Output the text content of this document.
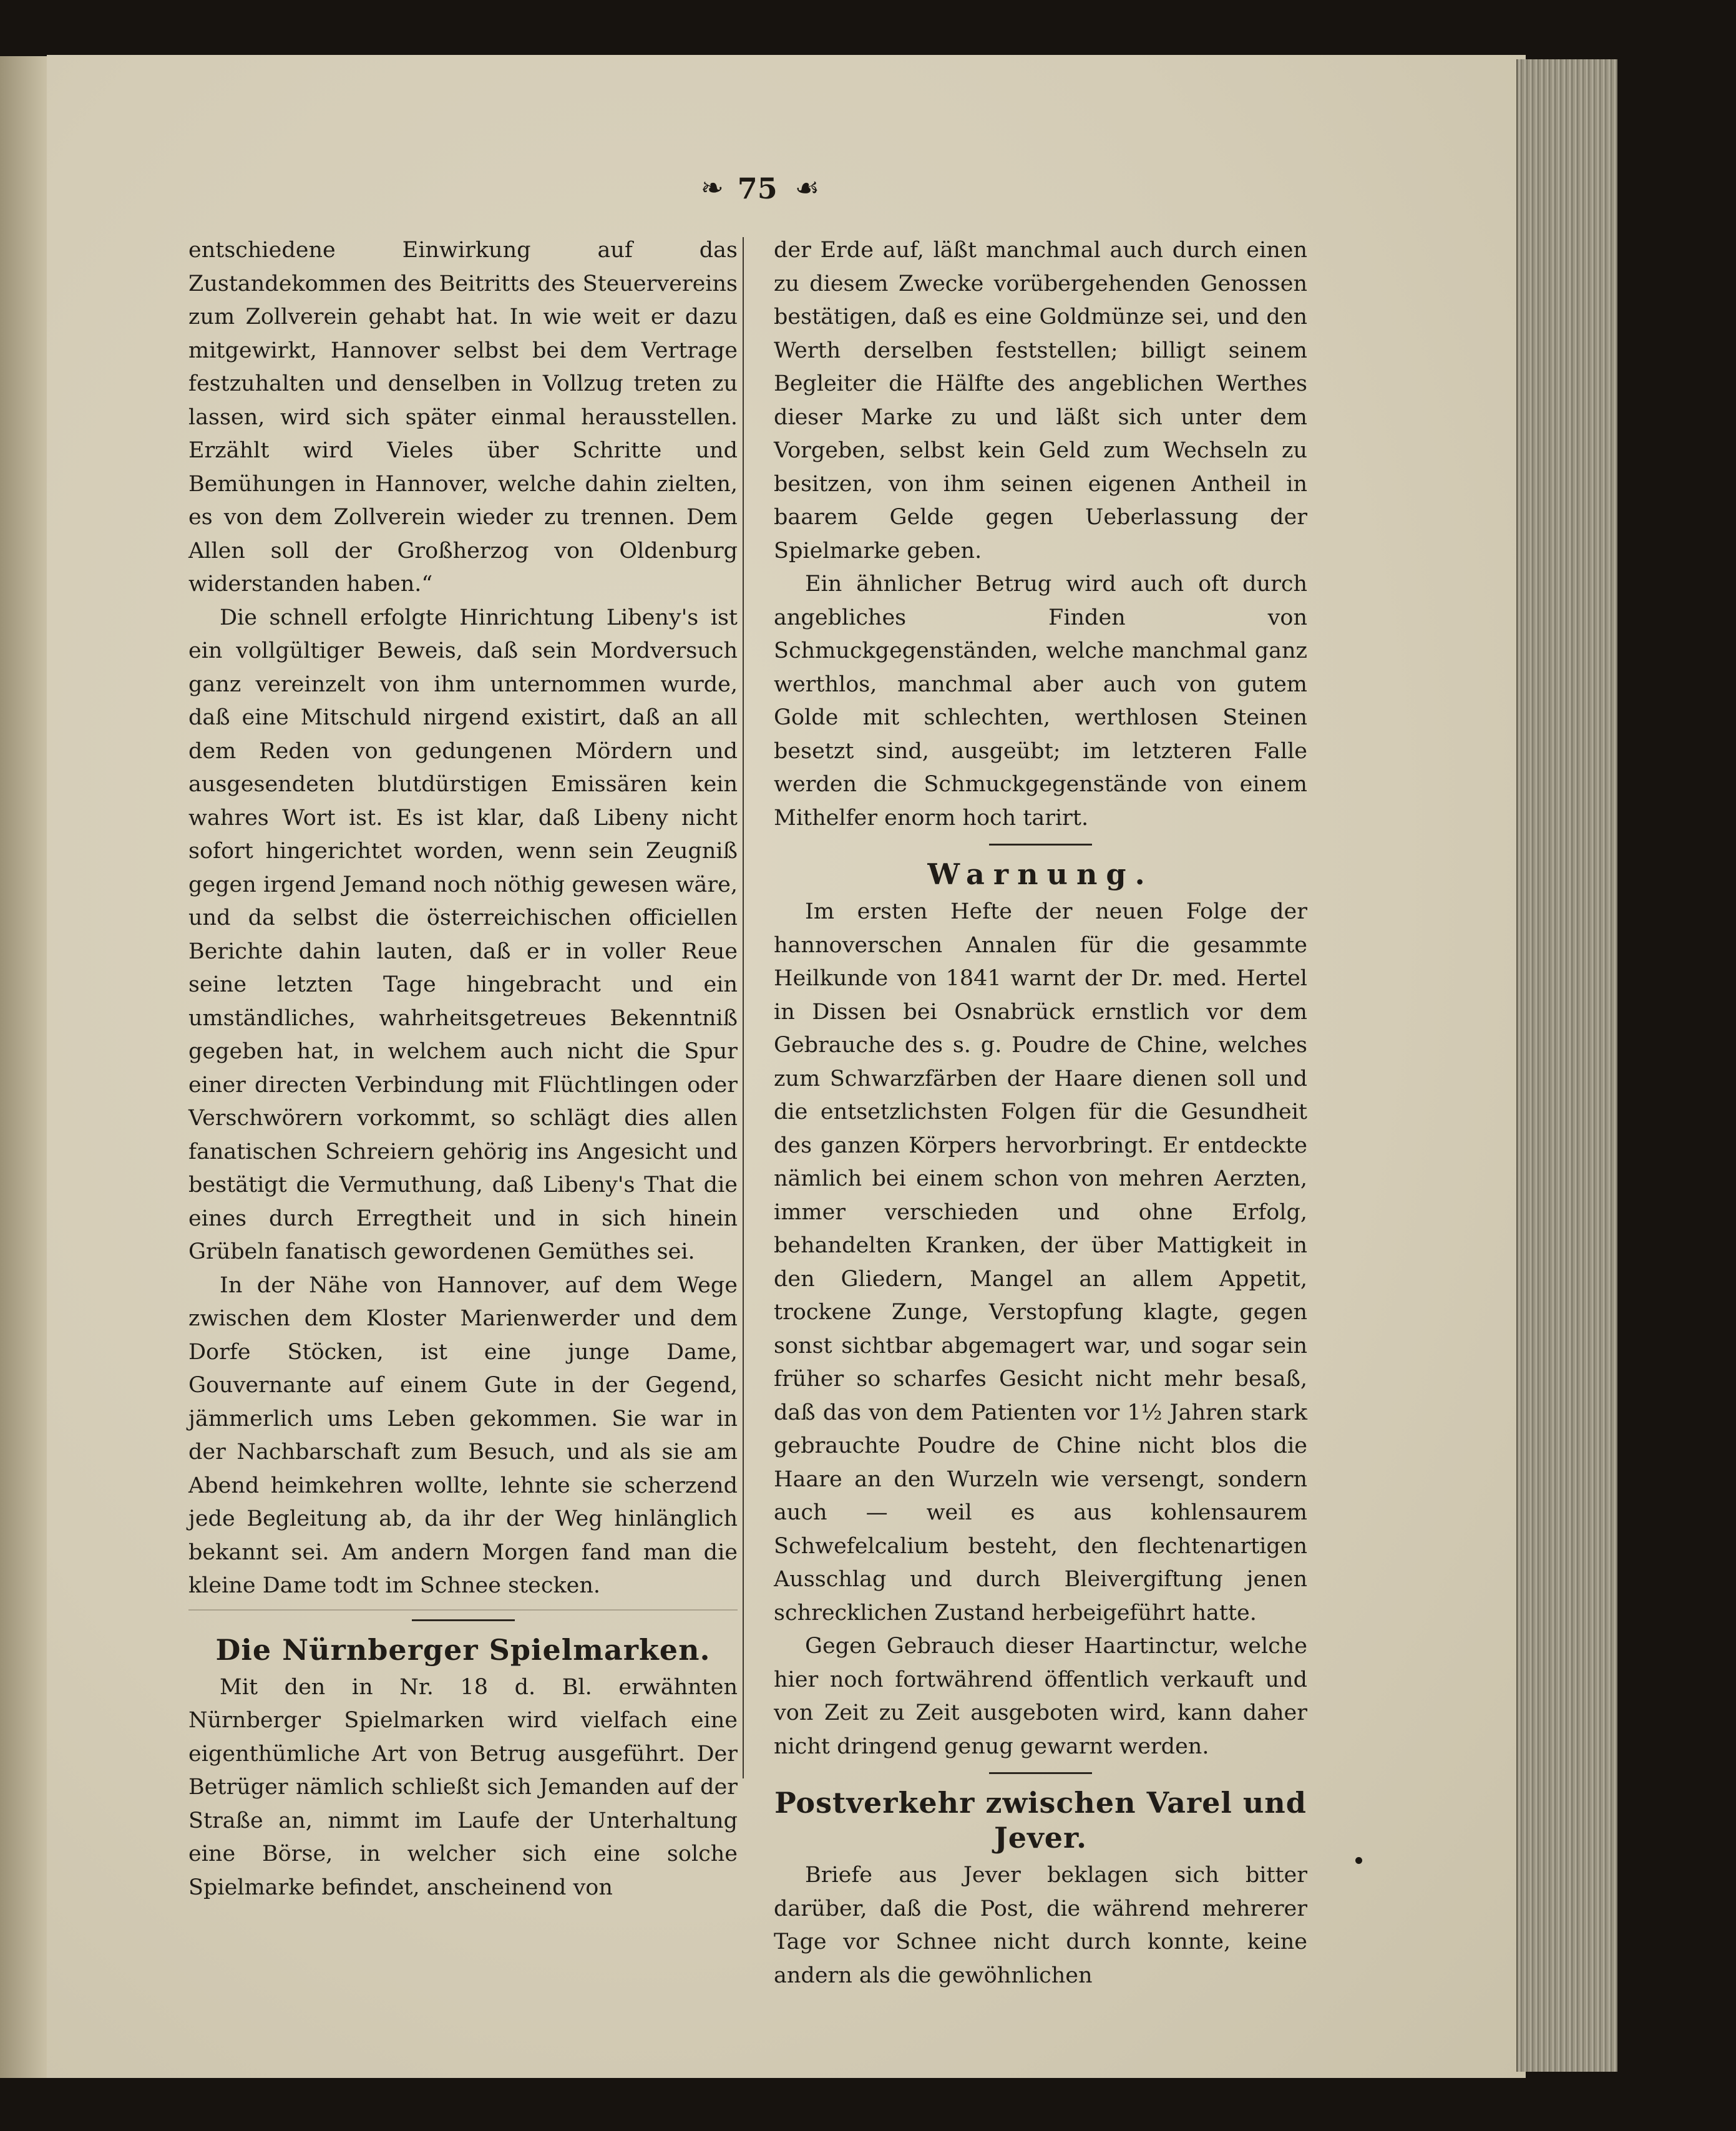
❧ 75 ☙

entschiedene Einwirkung auf das Zustandekommen des Beitritts des Steuervereins zum Zollverein gehabt hat. In wie weit er dazu mitgewirkt, Hannover selbst bei dem Vertrage festzuhalten und denselben in Vollzug treten zu lassen, wird sich später einmal herausstellen. Erzählt wird Vieles über Schritte und Bemühungen in Hannover, welche dahin zielten, es von dem Zollverein wieder zu trennen. Dem Allen soll der Großherzog von Oldenburg widerstanden haben.“

Die schnell erfolgte Hinrichtung Libeny's ist ein vollgültiger Beweis, daß sein Mordversuch ganz vereinzelt von ihm unternommen wurde, daß eine Mitschuld nirgend existirt, daß an all dem Reden von gedungenen Mördern und ausgesendeten blutdürstigen Emissären kein wahres Wort ist. Es ist klar, daß Libeny nicht sofort hingerichtet worden, wenn sein Zeugniß gegen irgend Jemand noch nöthig gewesen wäre, und da selbst die österreichischen officiellen Berichte dahin lauten, daß er in voller Reue seine letzten Tage hingebracht und ein umständliches, wahrheitsgetreues Bekenntniß gegeben hat, in welchem auch nicht die Spur einer directen Verbindung mit Flüchtlingen oder Verschwörern vorkommt, so schlägt dies allen fanatischen Schreiern gehörig ins Angesicht und bestätigt die Vermuthung, daß Libeny's That die eines durch Erregtheit und in sich hinein Grübeln fanatisch gewordenen Gemüthes sei.

In der Nähe von Hannover, auf dem Wege zwischen dem Kloster Marienwerder und dem Dorfe Stöcken, ist eine junge Dame, Gouvernante auf einem Gute in der Gegend, jämmerlich ums Leben gekommen. Sie war in der Nachbarschaft zum Besuch, und als sie am Abend heimkehren wollte, lehnte sie scherzend jede Begleitung ab, da ihr der Weg hinlänglich bekannt sei. Am andern Morgen fand man die kleine Dame todt im Schnee stecken.

Die Nürnberger Spielmarken.

Mit den in Nr. 18 d. Bl. erwähnten Nürnberger Spielmarken wird vielfach eine eigenthümliche Art von Betrug ausgeführt. Der Betrüger nämlich schließt sich Jemanden auf der Straße an, nimmt im Laufe der Unterhaltung eine Börse, in welcher sich eine solche Spielmarke befindet, anscheinend von

der Erde auf, läßt manchmal auch durch einen zu diesem Zwecke vorübergehenden Genossen bestätigen, daß es eine Goldmünze sei, und den Werth derselben feststellen; billigt seinem Begleiter die Hälfte des angeblichen Werthes dieser Marke zu und läßt sich unter dem Vorgeben, selbst kein Geld zum Wechseln zu besitzen, von ihm seinen eigenen Antheil in baarem Gelde gegen Ueberlassung der Spielmarke geben.

Ein ähnlicher Betrug wird auch oft durch angebliches Finden von Schmuckgegenständen, welche manchmal ganz werthlos, manchmal aber auch von gutem Golde mit schlechten, werthlosen Steinen besetzt sind, ausgeübt; im letzteren Falle werden die Schmuckgegenstände von einem Mithelfer enorm hoch tarirt.

Warnung.

Im ersten Hefte der neuen Folge der hannoverschen Annalen für die gesammte Heilkunde von 1841 warnt der Dr. med. Hertel in Dissen bei Osnabrück ernstlich vor dem Gebrauche des s. g. Poudre de Chine, welches zum Schwarzfärben der Haare dienen soll und die entsetzlichsten Folgen für die Gesundheit des ganzen Körpers hervorbringt. Er entdeckte nämlich bei einem schon von mehren Aerzten, immer verschieden und ohne Erfolg, behandelten Kranken, der über Mattigkeit in den Gliedern, Mangel an allem Appetit, trockene Zunge, Verstopfung klagte, gegen sonst sichtbar abgemagert war, und sogar sein früher so scharfes Gesicht nicht mehr besaß, daß das von dem Patienten vor 1½ Jahren stark gebrauchte Poudre de Chine nicht blos die Haare an den Wurzeln wie versengt, sondern auch — weil es aus kohlensaurem Schwefelcalium besteht, den flechtenartigen Ausschlag und durch Bleivergiftung jenen schrecklichen Zustand herbeigeführt hatte.

Gegen Gebrauch dieser Haartinctur, welche hier noch fortwährend öffentlich verkauft und von Zeit zu Zeit ausgeboten wird, kann daher nicht dringend genug gewarnt werden.

Postverkehr zwischen Varel und Jever.

Briefe aus Jever beklagen sich bitter darüber, daß die Post, die während mehrerer Tage vor Schnee nicht durch konnte, keine andern als die gewöhnlichen
